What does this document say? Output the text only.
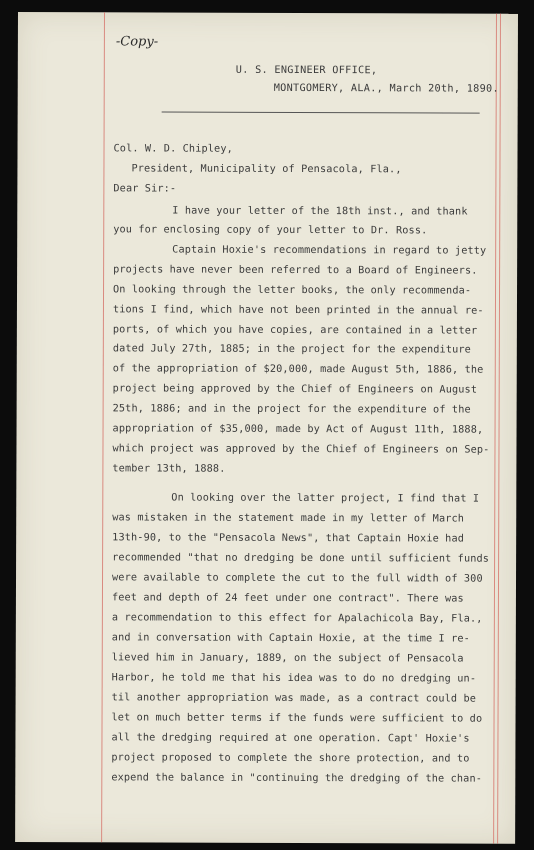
-Copy-
U. S. ENGINEER OFFICE,
MONTGOMERY, ALA., March 20th, 1890.
Col. W. D. Chipley,
President, Municipality of Pensacola, Fla.,
Dear Sir:-
I have your letter of the 18th inst., and thank
you for enclosing copy of your letter to Dr. Ross.
Captain Hoxie's recommendations in regard to jetty
projects have never been referred to a Board of Engineers.
On looking through the letter books, the only recommenda-
tions I find, which have not been printed in the annual re-
ports, of which you have copies, are contained in a letter
dated July 27th, 1885; in the project for the expenditure
of the appropriation of $20,000, made August 5th, 1886, the
project being approved by the Chief of Engineers on August
25th, 1886; and in the project for the expenditure of the
appropriation of $35,000, made by Act of August 11th, 1888,
which project was approved by the Chief of Engineers on Sep-
tember 13th, 1888.
On looking over the latter project, I find that I
was mistaken in the statement made in my letter of March
13th-90, to the "Pensacola News", that Captain Hoxie had
recommended "that no dredging be done until sufficient funds
were available to complete the cut to the full width of 300
feet and depth of 24 feet under one contract". There was
a recommendation to this effect for Apalachicola Bay, Fla.,
and in conversation with Captain Hoxie, at the time I re-
lieved him in January, 1889, on the subject of Pensacola
Harbor, he told me that his idea was to do no dredging un-
til another appropriation was made, as a contract could be
let on much better terms if the funds were sufficient to do
all the dredging required at one operation. Capt' Hoxie's
project proposed to complete the shore protection, and to
expend the balance in "continuing the dredging of the chan-
